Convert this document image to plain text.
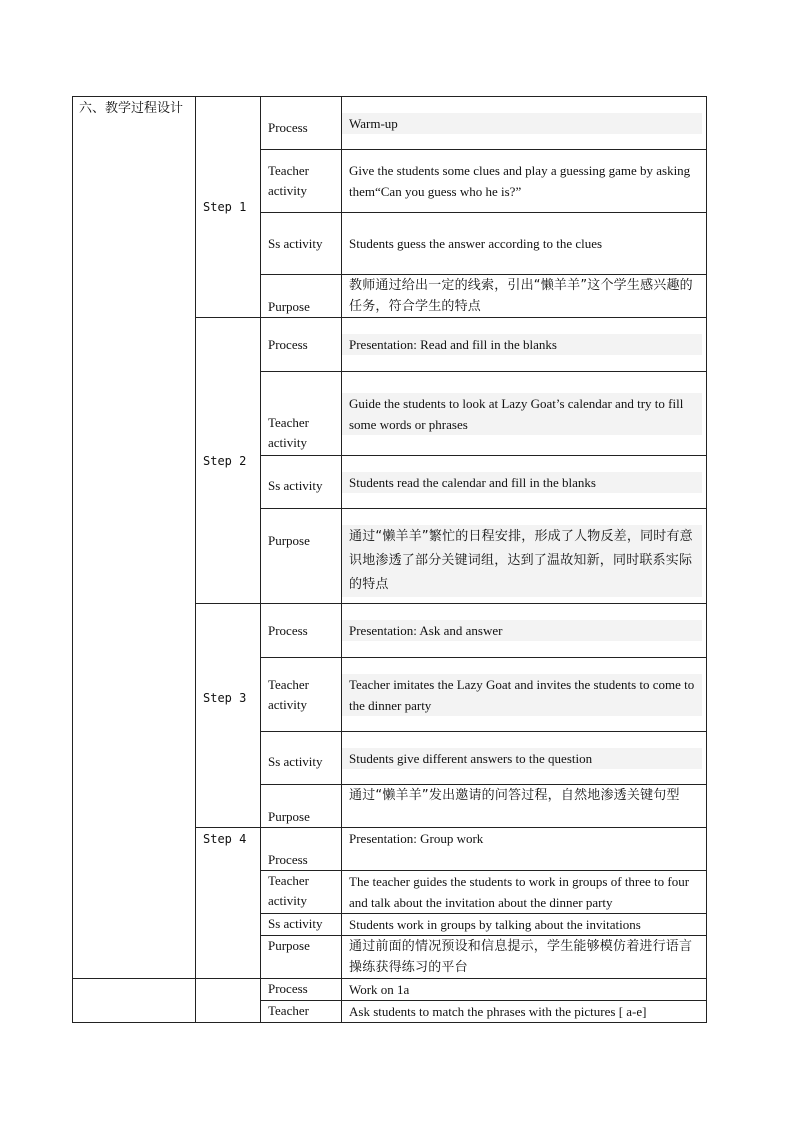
六、教学过程设计	Step 1	Process	Warm-up

		Teacher
activity	Give the students some clues and play a guessing game by asking them“Can you guess who he is?”

		Ss activity	Students guess the answer according to the clues

		Purpose	教师通过给出一定的线索，引出“懒羊羊”这个学生感兴趣的任务，符合学生的特点

	Step 2	Process	Presentation: Read and fill in the blanks

		Teacher
activity	Guide the students to look at Lazy Goat’s calendar and try to fill some words or phrases

		Ss activity	Students read the calendar and fill in the blanks

		Purpose	通过“懒羊羊”繁忙的日程安排，形成了人物反差，同时有意识地渗透了部分关键词组，达到了温故知新，同时联系实际的特点

	Step 3	Process	Presentation: Ask and answer

		Teacher
activity	Teacher imitates the Lazy Goat and invites the students to come to the dinner party

		Ss activity	Students give different answers to the question

		Purpose	通过“懒羊羊”发出邀请的问答过程，自然地渗透关键句型

	Step 4	Process	Presentation: Group work

		Teacher
activity	The teacher guides the students to work in groups of three to four and talk about the invitation about the dinner party

		Ss activity	Students work in groups by talking about the invitations

		Purpose	通过前面的情况预设和信息提示，学生能够模仿着进行语言操练获得练习的平台

		Process	Work on 1a

		Teacher	Ask students to match the phrases with the pictures [ a-e]
